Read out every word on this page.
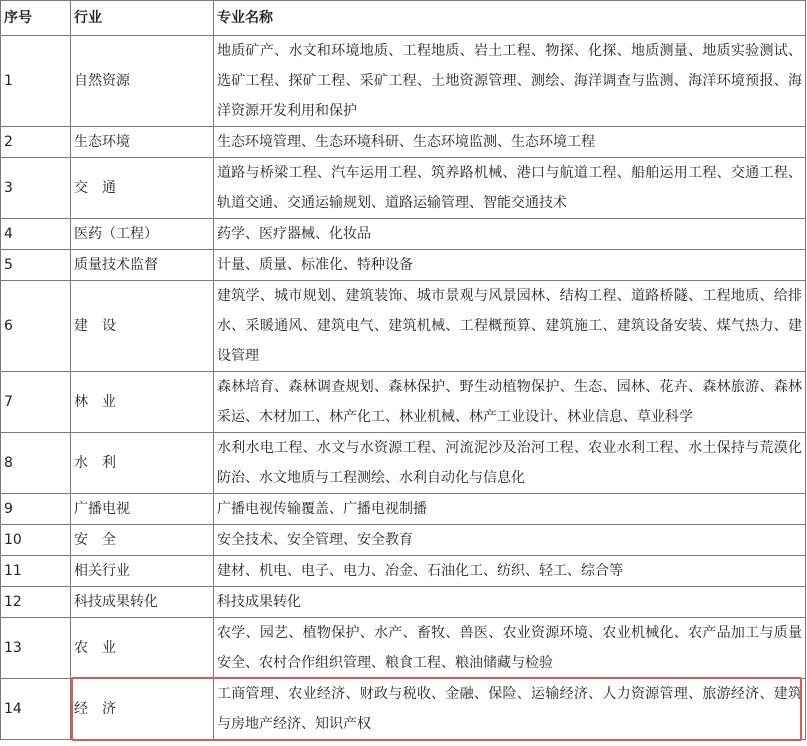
序号	行业	专业名称
1	自然资源	地质矿产、水文和环境地质、工程地质、岩土工程、物探、化探、地质测量、地质实验测试、选矿工程、探矿工程、采矿工程、土地资源管理、测绘、海洋调查与监测、海洋环境预报、海洋资源开发利用和保护
2	生态环境	生态环境管理、生态环境科研、生态环境监测、生态环境工程
3	交　通	道路与桥梁工程、汽车运用工程、筑养路机械、港口与航道工程、船舶运用工程、交通工程、轨道交通、交通运输规划、道路运输管理、智能交通技术
4	医药（工程）	药学、医疗器械、化妆品
5	质量技术监督	计量、质量、标准化、特种设备
6	建　设	建筑学、城市规划、建筑装饰、城市景观与风景园林、结构工程、道路桥隧、工程地质、给排水、采暖通风、建筑电气、建筑机械、工程概预算、建筑施工、建筑设备安装、煤气热力、建设管理
7	林　业	森林培育、森林调查规划、森林保护、野生动植物保护、生态、园林、花卉、森林旅游、森林采运、木材加工、林产化工、林业机械、林产工业设计、林业信息、草业科学
8	水　利	水利水电工程、水文与水资源工程、河流泥沙及治河工程、农业水利工程、水土保持与荒漠化防治、水文地质与工程测绘、水利自动化与信息化
9	广播电视	广播电视传输覆盖、广播电视制播
10	安　全	安全技术、安全管理、安全教育
11	相关行业	建材、机电、电子、电力、冶金、石油化工、纺织、轻工、综合等
12	科技成果转化	科技成果转化
13	农　业	农学、园艺、植物保护、水产、畜牧、兽医、农业资源环境、农业机械化、农产品加工与质量安全、农村合作组织管理、粮食工程、粮油储藏与检验
14	经　济	工商管理、农业经济、财政与税收、金融、保险、运输经济、人力资源管理、旅游经济、建筑与房地产经济、知识产权
